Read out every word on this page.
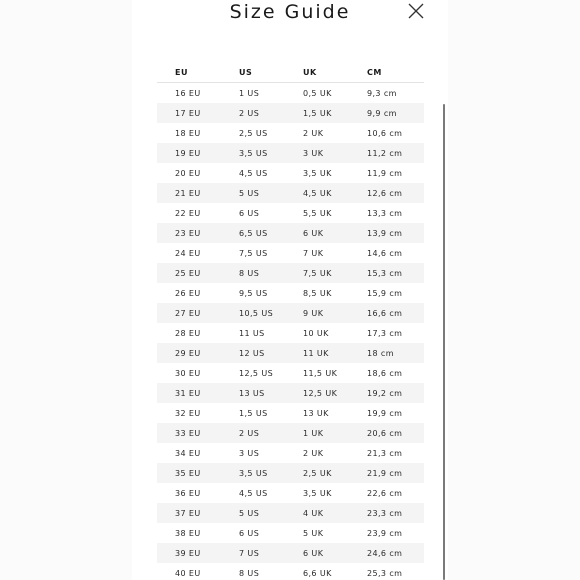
Size Guide
EU	US	UK	CM
16 EU	1 US	0,5 UK	9,3 cm
17 EU	2 US	1,5 UK	9,9 cm
18 EU	2,5 US	2 UK	10,6 cm
19 EU	3,5 US	3 UK	11,2 cm
20 EU	4,5 US	3,5 UK	11,9 cm
21 EU	5 US	4,5 UK	12,6 cm
22 EU	6 US	5,5 UK	13,3 cm
23 EU	6,5 US	6 UK	13,9 cm
24 EU	7,5 US	7 UK	14,6 cm
25 EU	8 US	7,5 UK	15,3 cm
26 EU	9,5 US	8,5 UK	15,9 cm
27 EU	10,5 US	9 UK	16,6 cm
28 EU	11 US	10 UK	17,3 cm
29 EU	12 US	11 UK	18 cm
30 EU	12,5 US	11,5 UK	18,6 cm
31 EU	13 US	12,5 UK	19,2 cm
32 EU	1,5 US	13 UK	19,9 cm
33 EU	2 US	1 UK	20,6 cm
34 EU	3 US	2 UK	21,3 cm
35 EU	3,5 US	2,5 UK	21,9 cm
36 EU	4,5 US	3,5 UK	22,6 cm
37 EU	5 US	4 UK	23,3 cm
38 EU	6 US	5 UK	23,9 cm
39 EU	7 US	6 UK	24,6 cm
40 EU	8 US	6,6 UK	25,3 cm
